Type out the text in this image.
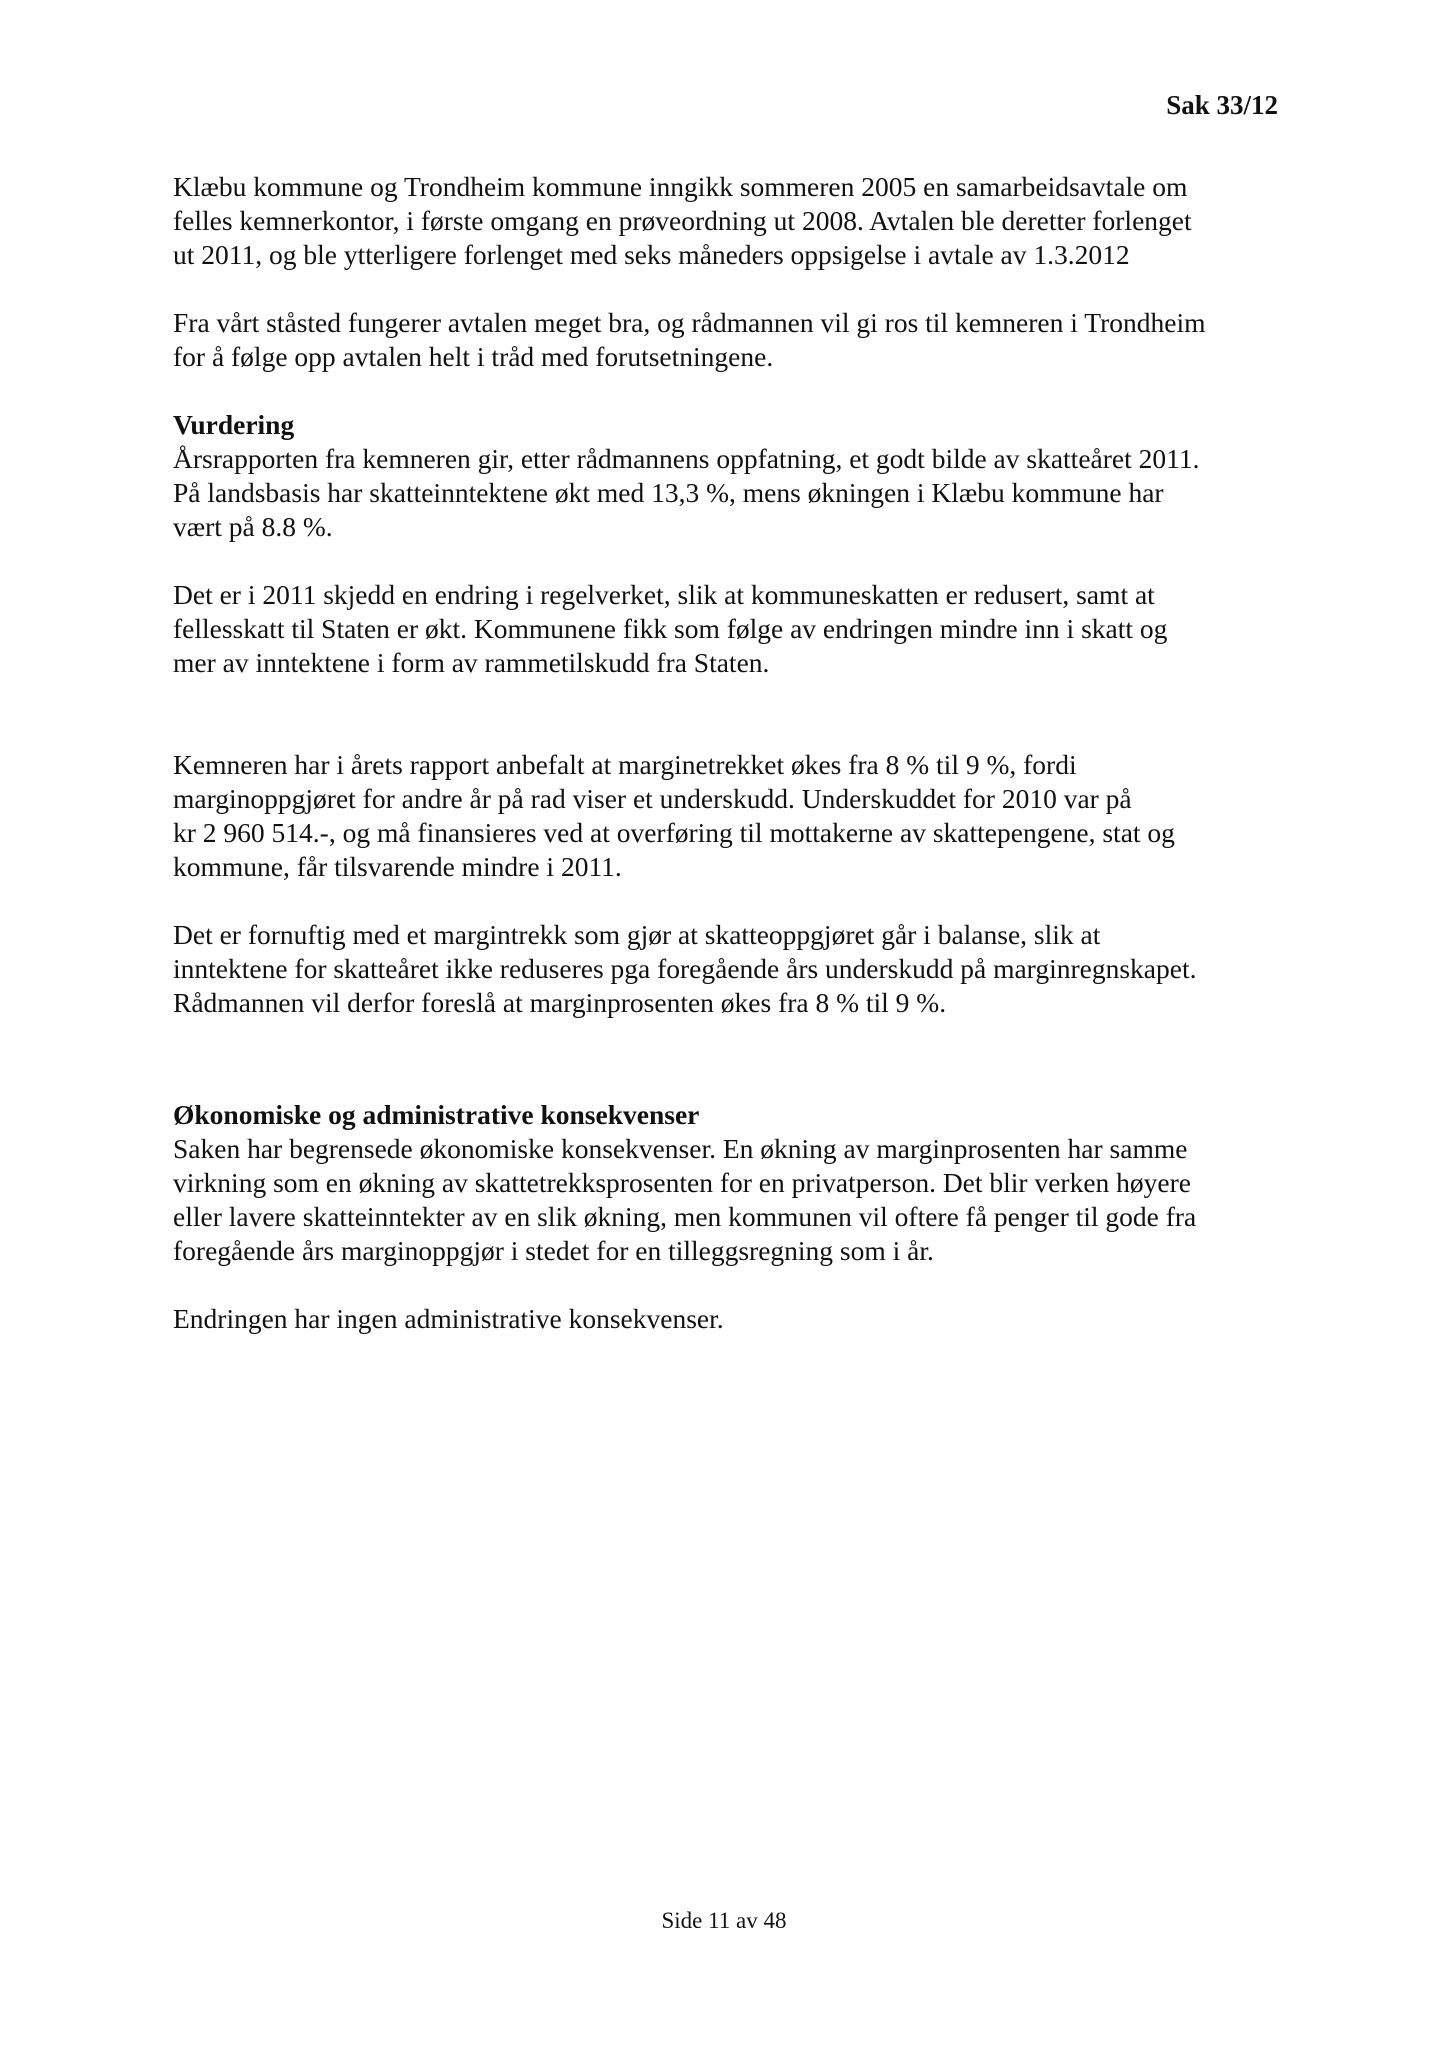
Sak 33/12

Klæbu kommune og Trondheim kommune inngikk sommeren 2005 en samarbeidsavtale om
felles kemnerkontor, i første omgang en prøveordning ut 2008. Avtalen ble deretter forlenget
ut 2011, og ble ytterligere forlenget med seks måneders oppsigelse i avtale av 1.3.2012

Fra vårt ståsted fungerer avtalen meget bra, og rådmannen vil gi ros til kemneren i Trondheim
for å følge opp avtalen helt i tråd med forutsetningene.

Vurdering
Årsrapporten fra kemneren gir, etter rådmannens oppfatning, et godt bilde av skatteåret 2011.
På landsbasis har skatteinntektene økt med 13,3 %, mens økningen i Klæbu kommune har
vært på 8.8 %.

Det er i 2011 skjedd en endring i regelverket, slik at kommuneskatten er redusert, samt at
fellesskatt til Staten er økt. Kommunene fikk som følge av endringen mindre inn i skatt og
mer av inntektene i form av rammetilskudd fra Staten.

Kemneren har i årets rapport anbefalt at marginetrekket økes fra 8 % til 9 %, fordi
marginoppgjøret for andre år på rad viser et underskudd. Underskuddet for 2010 var på
kr 2 960 514.-, og må finansieres ved at overføring til mottakerne av skattepengene, stat og
kommune, får tilsvarende mindre i 2011.

Det er fornuftig med et margintrekk som gjør at skatteoppgjøret går i balanse, slik at
inntektene for skatteåret ikke reduseres pga foregående års underskudd på marginregnskapet.
Rådmannen vil derfor foreslå at marginprosenten økes fra 8 % til 9 %.

Økonomiske og administrative konsekvenser
Saken har begrensede økonomiske konsekvenser. En økning av marginprosenten har samme
virkning som en økning av skattetrekksprosenten for en privatperson. Det blir verken høyere
eller lavere skatteinntekter av en slik økning, men kommunen vil oftere få penger til gode fra
foregående års marginoppgjør i stedet for en tilleggsregning som i år.

Endringen har ingen administrative konsekvenser.

Side 11 av 48
